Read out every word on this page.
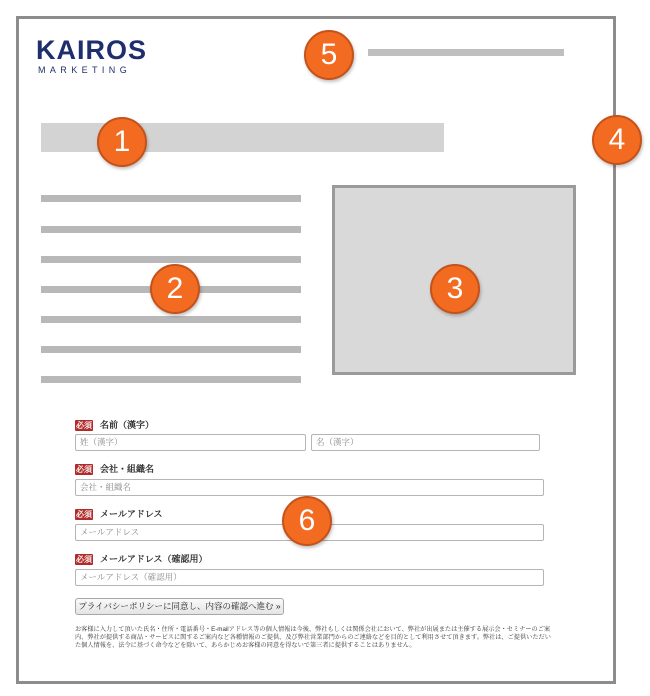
KAIROS
MARKETING
必須 名前（漢字）
姓（漢字）	名（漢字）
必須 会社・組織名
会社・組織名
必須 メールアドレス
メールアドレス
必須 メールアドレス（確認用）
メールアドレス（確認用）
プライバシーポリシーに同意し、内容の確認へ進む »
お客様に入力して頂いた氏名・住所・電話番号・E-mailアドレス等の個人情報は今後、弊社もしくは関係会社において、弊社が出展または主催する展示会・セミナーのご案内、弊社が提供する商品・サービスに関するご案内など各種情報のご提供、及び弊社営業部門からのご連絡などを目的として利用させて頂きます。弊社は、ご提供いただいた個人情報を、法令に基づく命令などを除いて、あらかじめお客様の同意を得ないで第三者に提供することはありません。
1
2	3
4
5
6
